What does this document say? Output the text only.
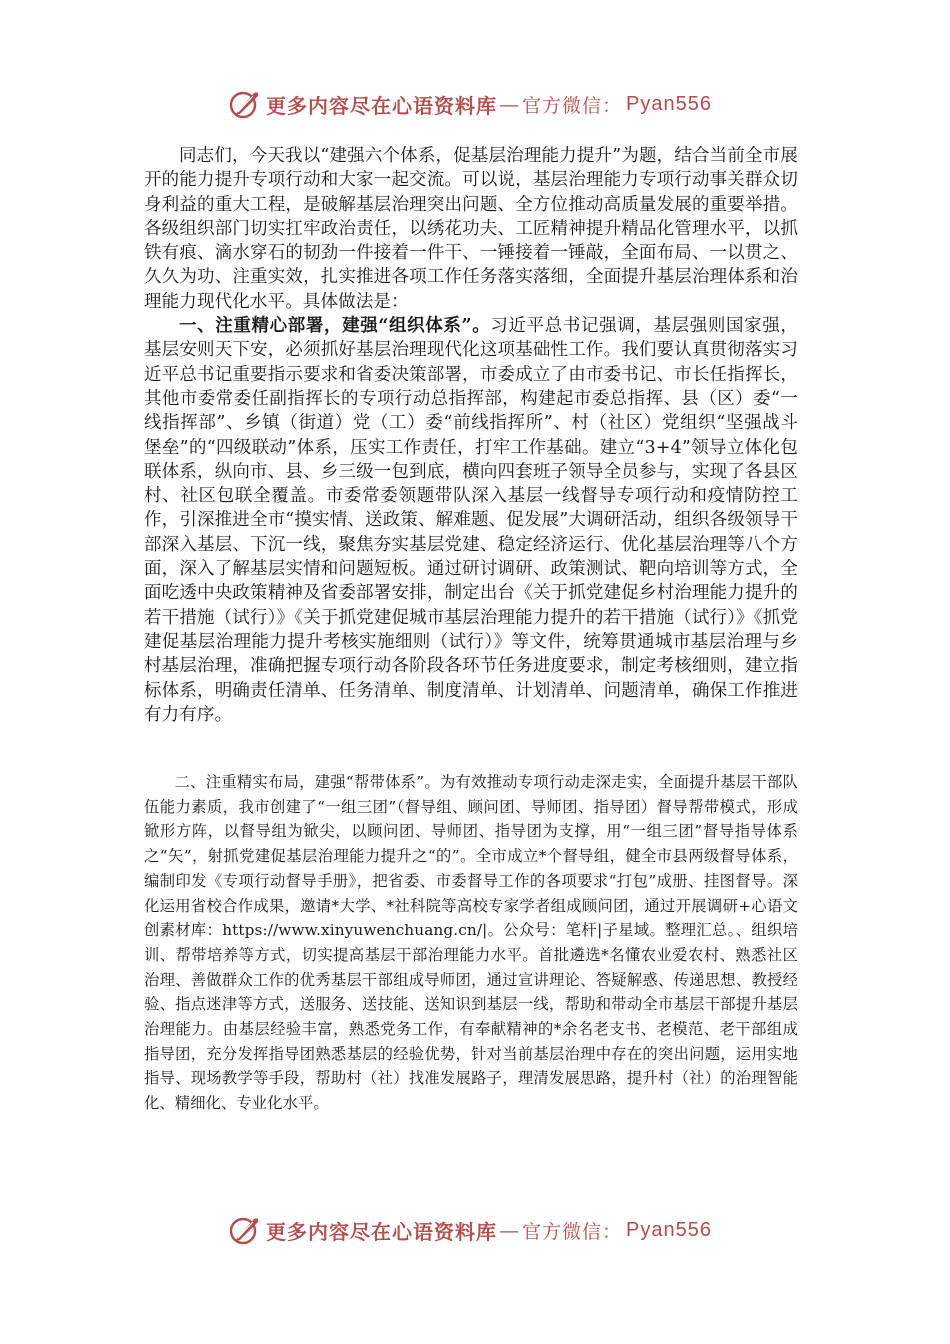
更多内容尽在心语资料库 — 官方微信： Pyan556

同志们，今天我以“建强六个体系，促基层治理能力提升”为题，结合当前全市展开的能力提升专项行动和大家一起交流。可以说，基层治理能力专项行动事关群众切身利益的重大工程，是破解基层治理突出问题、全方位推动高质量发展的重要举措。各级组织部门切实扛牢政治责任，以绣花功夫、工匠精神提升精品化管理水平，以抓铁有痕、滴水穿石的韧劲一件接着一件干、一锤接着一锤敲，全面布局、一以贯之、久久为功、注重实效，扎实推进各项工作任务落实落细，全面提升基层治理体系和治理能力现代化水平。具体做法是：

一、注重精心部署，建强“组织体系”。习近平总书记强调，基层强则国家强，基层安则天下安，必须抓好基层治理现代化这项基础性工作。我们要认真贯彻落实习近平总书记重要指示要求和省委决策部署，市委成立了由市委书记、市长任指挥长，其他市委常委任副指挥长的专项行动总指挥部，构建起市委总指挥、县（区）委“一线指挥部”、乡镇（街道）党（工）委“前线指挥所”、村（社区）党组织“坚强战斗堡垒”的“四级联动”体系，压实工作责任，打牢工作基础。建立“3+4”领导立体化包联体系，纵向市、县、乡三级一包到底，横向四套班子领导全员参与，实现了各县区村、社区包联全覆盖。市委常委领题带队深入基层一线督导专项行动和疫情防控工作，引深推进全市“摸实情、送政策、解难题、促发展”大调研活动，组织各级领导干部深入基层、下沉一线，聚焦夯实基层党建、稳定经济运行、优化基层治理等八个方面，深入了解基层实情和问题短板。通过研讨调研、政策测试、靶向培训等方式，全面吃透中央政策精神及省委部署安排，制定出台《关于抓党建促乡村治理能力提升的若干措施（试行）》《关于抓党建促城市基层治理能力提升的若干措施（试行）》《抓党建促基层治理能力提升考核实施细则（试行）》等文件，统筹贯通城市基层治理与乡村基层治理，准确把握专项行动各阶段各环节任务进度要求，制定考核细则，建立指标体系，明确责任清单、任务清单、制度清单、计划清单、问题清单，确保工作推进有力有序。

二、注重精实布局，建强“帮带体系”。为有效推动专项行动走深走实，全面提升基层干部队伍能力素质，我市创建了“一组三团”（督导组、顾问团、导师团、指导团）督导帮带模式，形成锨形方阵，以督导组为锨尖，以顾问团、导师团、指导团为支撑，用“一组三团”督导指导体系之“矢”，射抓党建促基层治理能力提升之“的”。全市成立*个督导组，健全市县两级督导体系，编制印发《专项行动督导手册》，把省委、市委督导工作的各项要求“打包”成册、挂图督导。深化运用省校合作成果，邀请*大学、*社科院等高校专家学者组成顾问团，通过开展调研+心语文创素材库：https://www.xinyuwenchuang.cn/|。公众号：笔杆|子星域。整理汇总。、组织培训、帮带培养等方式，切实提高基层干部治理能力水平。首批遴选*名懂农业爱农村、熟悉社区治理、善做群众工作的优秀基层干部组成导师团，通过宣讲理论、答疑解惑、传递思想、教授经验、指点迷津等方式，送服务、送技能、送知识到基层一线，帮助和带动全市基层干部提升基层治理能力。由基层经验丰富，熟悉党务工作，有奉献精神的*余名老支书、老模范、老干部组成指导团，充分发挥指导团熟悉基层的经验优势，针对当前基层治理中存在的突出问题，运用实地指导、现场教学等手段，帮助村（社）找准发展路子，理清发展思路，提升村（社）的治理智能化、精细化、专业化水平。

更多内容尽在心语资料库 — 官方微信： Pyan556
